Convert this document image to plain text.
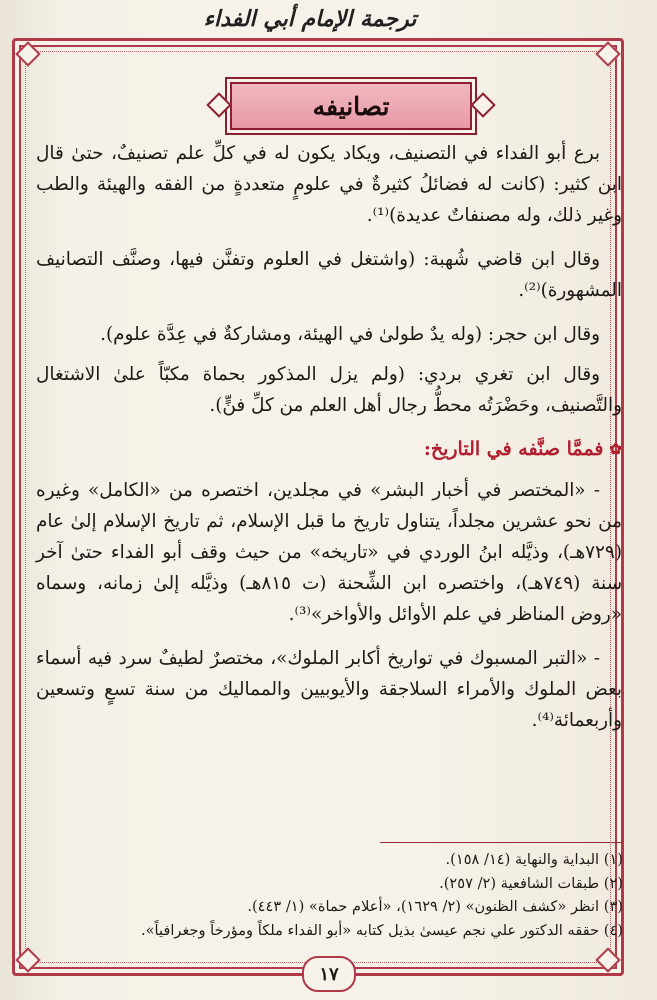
ترجمة الإمام أبي الفداء
تصانيفه

برع أبو الفداء في التصنيف، ويكاد يكون له في كلِّ علم تصنيفٌ، حتىٰ قال ابن كثير: (كانت له فضائلُ كثيرةٌ في علومٍ متعددةٍ من الفقه والهيئة والطب وغير ذلك، وله مصنفاتٌ عديدة)⁽¹⁾.

وقال ابن قاضي شُهبة: (واشتغل في العلوم وتفنَّن فيها، وصنَّف التصانيف المشهورة)⁽²⁾.

وقال ابن حجر: (وله يدٌ طولىٰ في الهيئة، ومشاركةٌ في عِدَّة علوم).

وقال ابن تغري بردي: (ولم يزل المذكور بحماة مكبّاً علىٰ الاشتغال والتَّصنيف، وحَضْرَتُه محطُّ رجال أهل العلم من كلِّ فنٍّ).

✿
فممَّا صنَّفه في التاريخ:

- «المختصر في أخبار البشر» في مجلدين، اختصره من «الكامل» وغيره من نحو عشرين مجلداً، يتناول تاريخ ما قبل الإسلام، ثم تاريخ الإسلام إلىٰ عام (٧٢٩هـ)، وذيَّله ابنُ الوردي في «تاريخه» من حيث وقف أبو الفداء حتىٰ آخر سنة (٧٤٩هـ)، واختصره ابن الشِّحنة (ت ٨١٥هـ) وذيَّله إلىٰ زمانه، وسماه «روض المناظر في علم الأوائل والأواخر»⁽³⁾.

- «التبر المسبوك في تواريخ أكابر الملوك»، مختصرٌ لطيفٌ سرد فيه أسماء بعض الملوك والأمراء السلاجقة والأيوبيين والمماليك من سنة تسعٍ وتسعين وأربعمائة⁽⁴⁾.

(١) البداية والنهاية (١٤/ ١٥٨).
(٢) طبقات الشافعية (٢/ ٢٥٧).
(٣) انظر «كشف الظنون» (٢/ ١٦٢٩)، «أعلام حماة» (١/ ٤٤٣).
(٤) حققه الدكتور علي نجم عيسىٰ بذيل كتابه «أبو الفداء ملكاً ومؤرخاً وجغرافياً».
١٧
